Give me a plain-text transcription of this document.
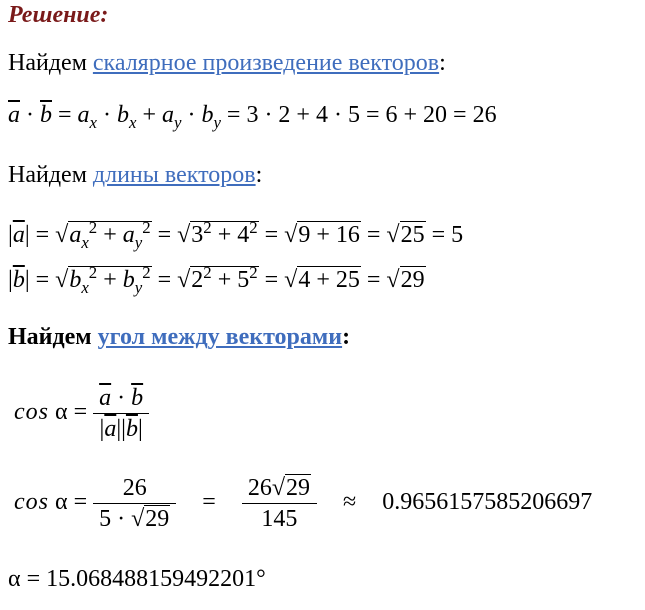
Решение:
Найдем скалярное произведение векторов:
$\overline{a} \cdot \overline{b} = a_x \cdot b_x + a_y \cdot b_y = 3 \cdot 2 + 4 \cdot 5 = 6 + 20 = 26$
Найдем длины векторов:
$|\overline{a}| = √a_x^2 + a_y^2 = √3^2 + 4^2 = √9 + 16 = √25 = 5$
$|\overline{b}| = √b_x^2 + b_y^2 = √2^2 + 5^2 = √4 + 25 = √29$
Найдем угол между векторами:
$\cos \alpha = \frac{\overline{a} \cdot \overline{b}}{|\overline{a}||\overline{b}|}$
$\cos \alpha = \frac{26}{5 \cdot √29} = \frac{26√29}{145} \approx 0.9656157585206697$
α = 15.068488159492201°
